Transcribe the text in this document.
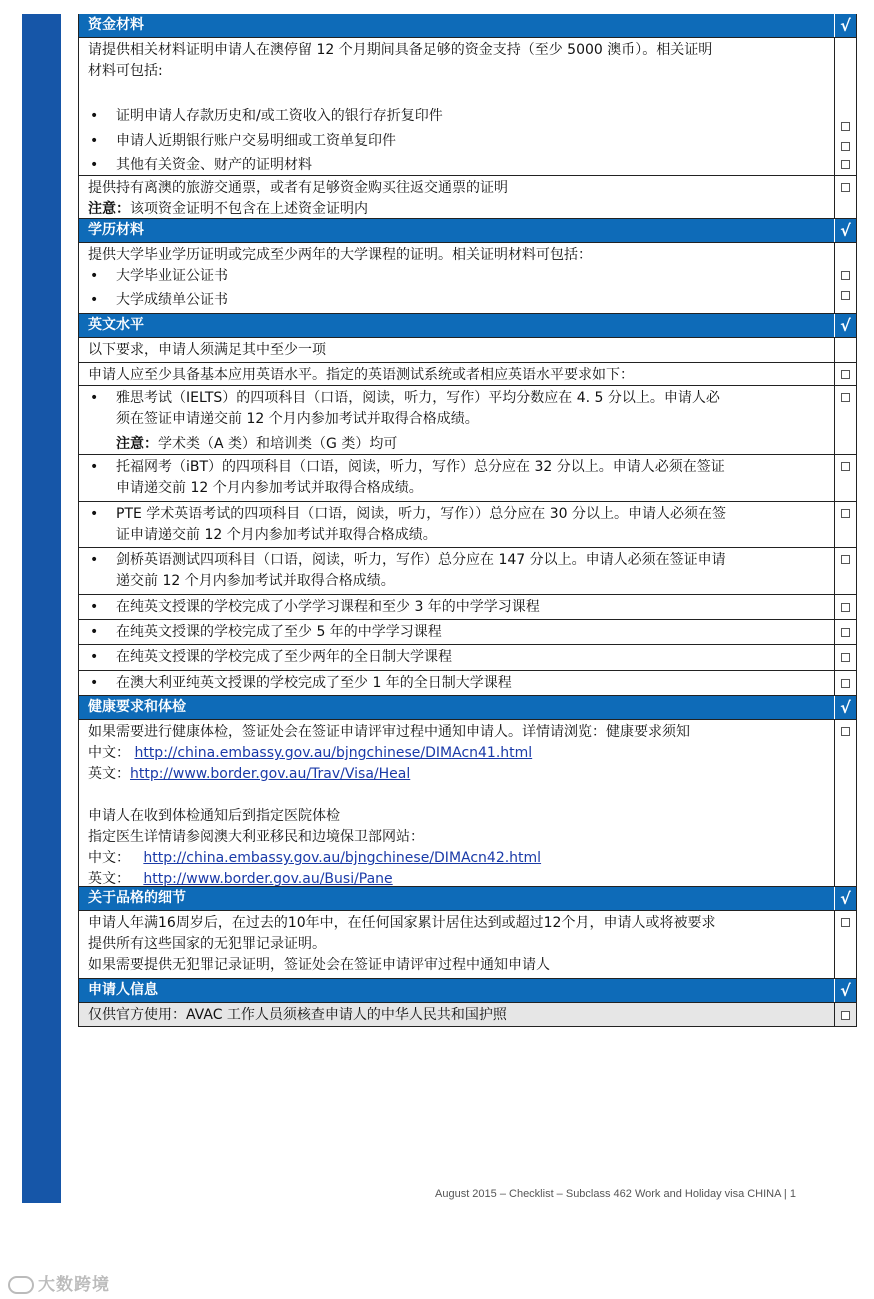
资金材料	√
请提供相关材料证明申请人在澳停留 12 个月期间具备足够的资金支持（至少 5000 澳币）。相关证明
材料可包括:
•	证明申请人存款历史和/或工资收入的银行存折复印件
•	申请人近期银行账户交易明细或工资单复印件
•	其他有关资金、财产的证明材料
提供持有离澳的旅游交通票，或者有足够资金购买往返交通票的证明
注意：该项资金证明不包含在上述资金证明内
学历材料	√
提供大学毕业学历证明或完成至少两年的大学课程的证明。相关证明材料可包括：
•	大学毕业证公证书
•	大学成绩单公证书
英文水平	√
以下要求，申请人须满足其中至少一项
申请人应至少具备基本应用英语水平。指定的英语测试系统或者相应英语水平要求如下：
•	雅思考试（IELTS）的四项科目（口语，阅读，听力，写作）平均分数应在 4. 5 分以上。申请人必
须在签证申请递交前 12 个月内参加考试并取得合格成绩。
注意：学术类（A 类）和培训类（G 类）均可
•	托福网考（iBT）的四项科目（口语，阅读，听力，写作）总分应在 32 分以上。申请人必须在签证
申请递交前 12 个月内参加考试并取得合格成绩。
•	PTE 学术英语考试的四项科目（口语，阅读，听力，写作））总分应在 30 分以上。申请人必须在签
证申请递交前 12 个月内参加考试并取得合格成绩。
•	剑桥英语测试四项科目（口语，阅读，听力，写作）总分应在 147 分以上。申请人必须在签证申请
递交前 12 个月内参加考试并取得合格成绩。
•	在纯英文授课的学校完成了小学学习课程和至少 3 年的中学学习课程
•	在纯英文授课的学校完成了至少 5 年的中学学习课程
•	在纯英文授课的学校完成了至少两年的全日制大学课程
•	在澳大利亚纯英文授课的学校完成了至少 1 年的全日制大学课程
健康要求和体检	√
如果需要进行健康体检，签证处会在签证申请评审过程中通知申请人。详情请浏览：健康要求须知
中文： http://china.embassy.gov.au/bjngchinese/DIMAcn41.html
英文：http://www.border.gov.au/Trav/Visa/Heal
申请人在收到体检通知后到指定医院体检
指定医生详情请参阅澳大利亚移民和边境保卫部网站：
中文： http://china.embassy.gov.au/bjngchinese/DIMAcn42.html
英文： http://www.border.gov.au/Busi/Pane
关于品格的细节	√
申请人年满16周岁后，在过去的10年中，在任何国家累计居住达到或超过12个月，申请人或将被要求
提供所有这些国家的无犯罪记录证明。
如果需要提供无犯罪记录证明，签证处会在签证申请评审过程中通知申请人
申请人信息	√
仅供官方使用：AVAC 工作人员须核查申请人的中华人民共和国护照
August 2015 – Checklist – Subclass 462 Work and Holiday visa CHINA | 1
大数跨境
